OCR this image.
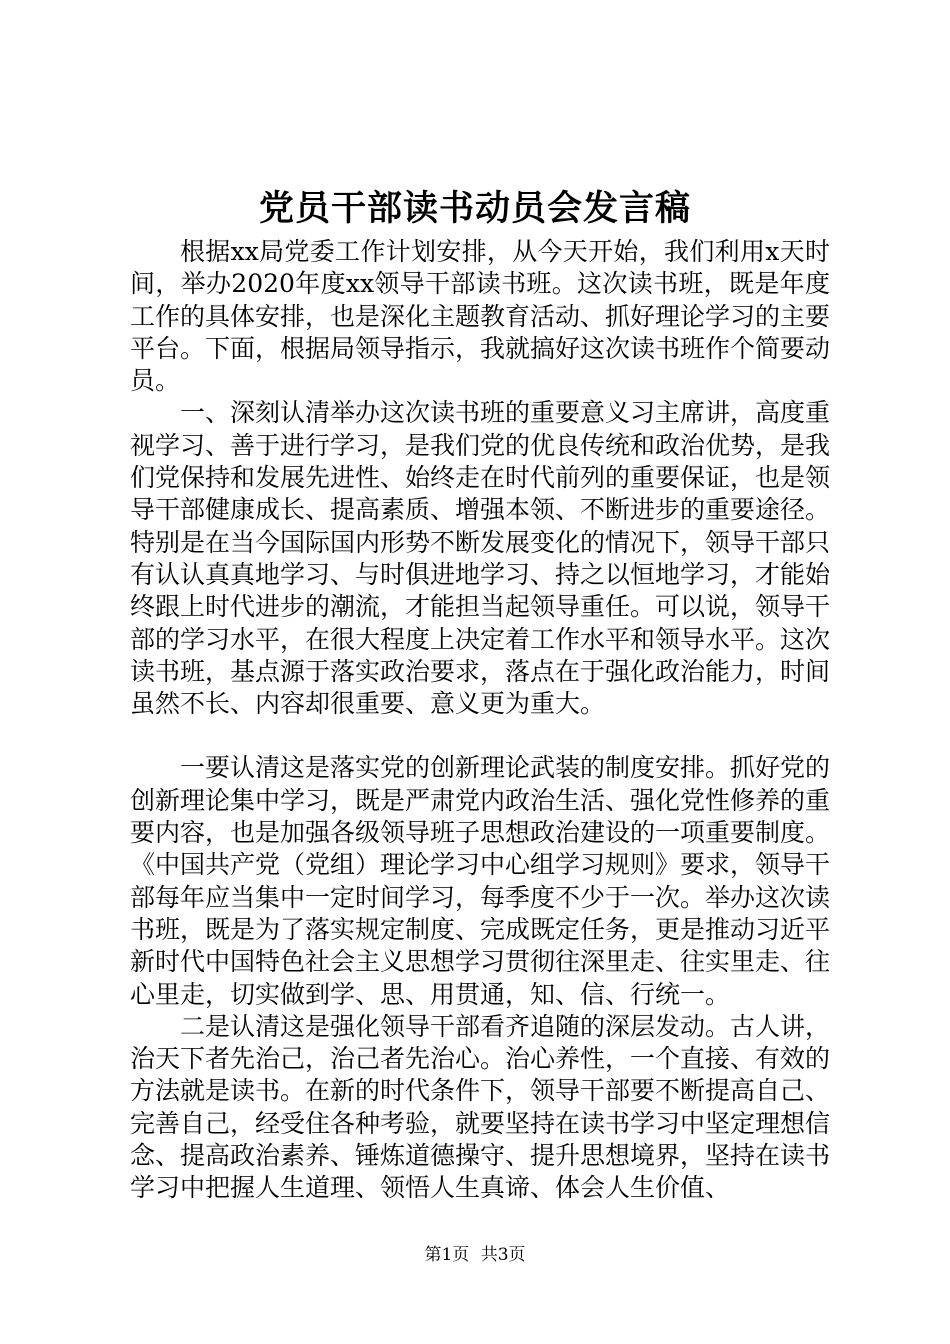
党员干部读书动员会发言稿

根据xx局党委工作计划安排，从今天开始，我们利用x天时间，举办2020年度xx领导干部读书班。这次读书班，既是年度工作的具体安排，也是深化主题教育活动、抓好理论学习的主要平台。下面，根据局领导指示，我就搞好这次读书班作个简要动员。

一、深刻认清举办这次读书班的重要意义习主席讲，高度重视学习、善于进行学习，是我们党的优良传统和政治优势，是我们党保持和发展先进性、始终走在时代前列的重要保证，也是领导干部健康成长、提高素质、增强本领、不断进步的重要途径。特别是在当今国际国内形势不断发展变化的情况下，领导干部只有认认真真地学习、与时俱进地学习、持之以恒地学习，才能始终跟上时代进步的潮流，才能担当起领导重任。可以说，领导干部的学习水平，在很大程度上决定着工作水平和领导水平。这次读书班，基点源于落实政治要求，落点在于强化政治能力，时间虽然不长、内容却很重要、意义更为重大。

一要认清这是落实党的创新理论武装的制度安排。抓好党的创新理论集中学习，既是严肃党内政治生活、强化党性修养的重要内容，也是加强各级领导班子思想政治建设的一项重要制度。《中国共产党（党组）理论学习中心组学习规则》要求，领导干部每年应当集中一定时间学习，每季度不少于一次。举办这次读书班，既是为了落实规定制度、完成既定任务，更是推动习近平新时代中国特色社会主义思想学习贯彻往深里走、往实里走、往心里走，切实做到学、思、用贯通，知、信、行统一。

二是认清这是强化领导干部看齐追随的深层发动。古人讲，治天下者先治己，治己者先治心。治心养性，一个直接、有效的方法就是读书。在新的时代条件下，领导干部要不断提高自己、完善自己，经受住各种考验，就要坚持在读书学习中坚定理想信念、提高政治素养、锤炼道德操守、提升思想境界，坚持在读书学习中把握人生道理、领悟人生真谛、体会人生价值、

第1页 共3页
